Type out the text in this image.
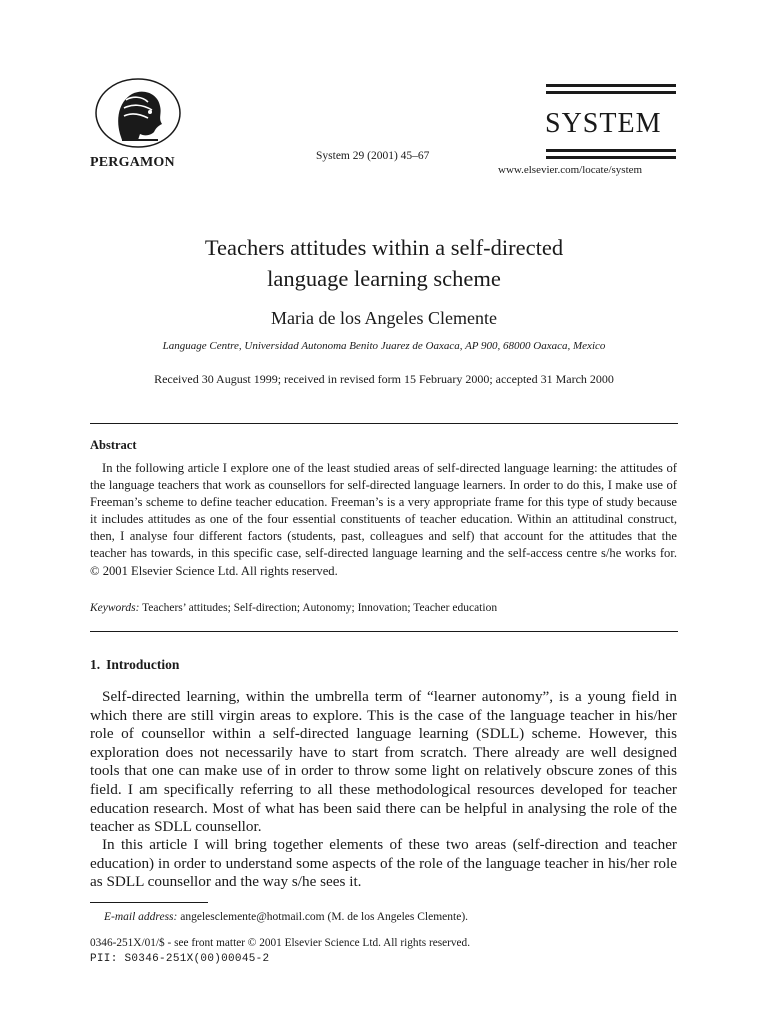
PERGAMON	System 29 (2001) 45–67
SYSTEM
www.elsevier.com/locate/system
Teachers attitudes within a self-directed
language learning scheme
Maria de los Angeles Clemente
Language Centre, Universidad Autonoma Benito Juarez de Oaxaca, AP 900, 68000 Oaxaca, Mexico
Received 30 August 1999; received in revised form 15 February 2000; accepted 31 March 2000
Abstract
In the following article I explore one of the least studied areas of self-directed language learning: the attitudes of the language teachers that work as counsellors for self-directed language learners. In order to do this, I make use of Freeman’s scheme to define teacher education. Freeman’s is a very appropriate frame for this type of study because it includes attitudes as one of the four essential constituents of teacher education. Within an attitudinal construct, then, I analyse four different factors (students, past, colleagues and self) that account for the attitudes that the teacher has towards, in this specific case, self-directed language learning and the self-access centre s/he works for. © 2001 Elsevier Science Ltd. All rights reserved.
Keywords: Teachers’ attitudes; Self-direction; Autonomy; Innovation; Teacher education
1. Introduction
Self-directed learning, within the umbrella term of “learner autonomy”, is a young field in which there are still virgin areas to explore. This is the case of the language teacher in his/her role of counsellor within a self-directed language learning (SDLL) scheme. However, this exploration does not necessarily have to start from scratch. There already are well designed tools that one can make use of in order to throw some light on relatively obscure zones of this field. I am specifically referring to all these methodological resources developed for teacher education research. Most of what has been said there can be helpful in analysing the role of the teacher as SDLL counsellor.
In this article I will bring together elements of these two areas (self-direction and teacher education) in order to understand some aspects of the role of the language teacher in his/her role as SDLL counsellor and the way s/he sees it.
E-mail address: angelesclemente@hotmail.com (M. de los Angeles Clemente).
0346-251X/01/$ - see front matter © 2001 Elsevier Science Ltd. All rights reserved.
PII: S0346-251X(00)00045-2
